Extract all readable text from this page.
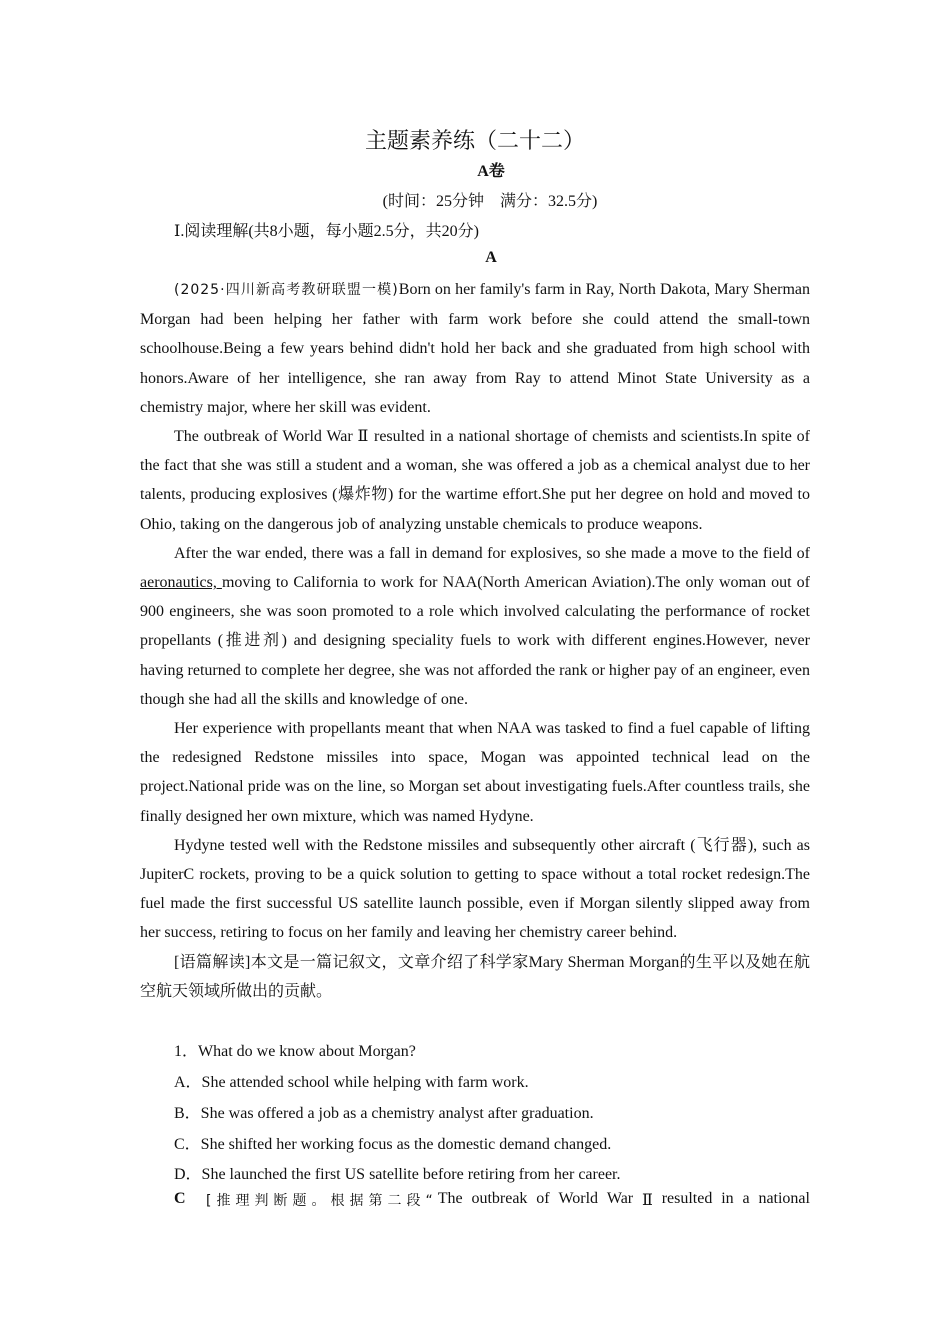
主题素养练（二十二）
A卷
(时间：25分钟　满分：32.5分)
Ⅰ.阅读理解(共8小题，每小题2.5分，共20分)
A

(2025·四川新高考教研联盟一模)Born on her family's farm in Ray, North Dakota, Mary Sherman Morgan had been helping her father with farm work before she could attend the small-town schoolhouse.Being a few years behind didn't hold her back and she graduated from high school with honors.Aware of her intelligence, she ran away from Ray to attend Minot State University as a chemistry major, where her skill was evident.

The outbreak of World War Ⅱ resulted in a national shortage of chemists and scientists.In spite of the fact that she was still a student and a woman, she was offered a job as a chemical analyst due to her talents, producing explosives (爆炸物) for the wartime effort.She put her degree on hold and moved to Ohio, taking on the dangerous job of analyzing unstable chemicals to produce weapons.

After the war ended, there was a fall in demand for explosives, so she made a move to the field of aeronautics, moving to California to work for NAA(North American Aviation).The only woman out of 900 engineers, she was soon promoted to a role which involved calculating the performance of rocket propellants (推进剂) and designing speciality fuels to work with different engines.However, never having returned to complete her degree, she was not afforded the rank or higher pay of an engineer, even though she had all the skills and knowledge of one.

Her experience with propellants meant that when NAA was tasked to find a fuel capable of lifting the redesigned Redstone missiles into space, Mogan was appointed technical lead on the project.National pride was on the line, so Morgan set about investigating fuels.After countless trails, she finally designed her own mixture, which was named Hydyne.

Hydyne tested well with the Redstone missiles and subsequently other aircraft (飞行器), such as JupiterC rockets, proving to be a quick solution to getting to space without a total rocket redesign.The fuel made the first successful US satellite launch possible, even if Morgan silently slipped away from her success, retiring to focus on her family and leaving her chemistry career behind.

[语篇解读]本文是一篇记叙文，文章介绍了科学家Mary Sherman Morgan的生平以及她在航空航天领域所做出的贡献。

1．What do we know about Morgan?
A．She attended school while helping with farm work.
B．She was offered a job as a chemistry analyst after graduation.
C．She shifted her working focus as the domestic demand changed.
D．She launched the first US satellite before retiring from her career.
C	[推理判断题。根据第二段“ The outbreak of World War Ⅱ resulted in a national
